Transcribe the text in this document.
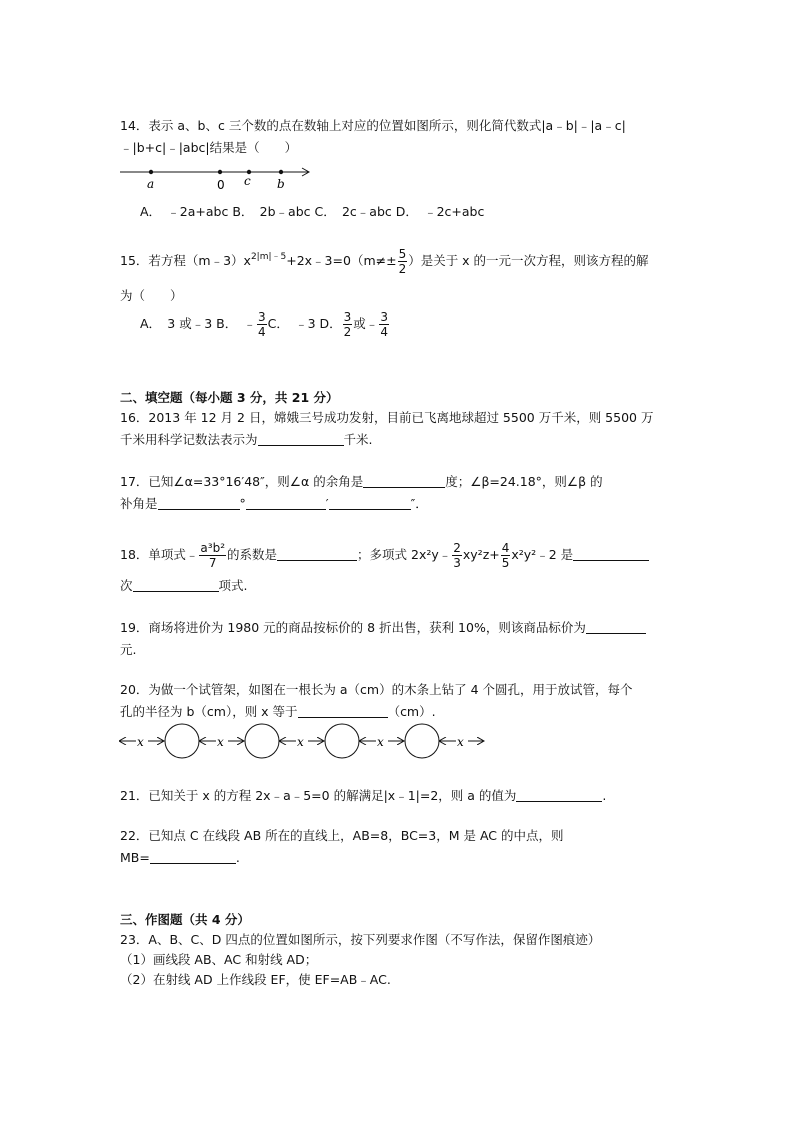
14．表示 a、b、c 三个数的点在数轴上对应的位置如图所示，则化简代数式|a﹣b|﹣|a﹣c|
﹣|b+c|﹣|abc|结果是（　　）
a	0 c b
A．　﹣2a+abc B．　2b﹣abc C．　2c﹣abc D．　﹣2c+abc
15．若方程$(m﹣3)x^{2|m|﹣5}+2x﹣3=0(m\ne\pm \frac{5}{2}$ ）是关于 x 的一元一次方程，则该方程的解
为（　　）
A．　3 或﹣3 B．　﹣ $\frac{3}{4}$ C．　﹣3 D． $\frac{3}{2}$ 或﹣ $\frac{3}{4}$
二、填空题（每小题 3 分，共 21 分）
16．2013 年 12 月 2 日，嫦娥三号成功发射，目前已飞离地球超过 5500 万千米，则 5500 万
千米用科学记数法表示为	千米.
17．已知∠α=33°16′48″，则∠α 的余角是	度；∠β=24.18°，则∠β 的
补角是	°	′	″．
18．单项式﹣ $\frac{\text{a³b²}}{7}$ 的系数是	；多项式 2x²y﹣ $\frac{2}{3} xy^2z+ \frac{4}{5}$ x²y²﹣2 是
次	项式.
19．商场将进价为 1980 元的商品按标价的 8 折出售，获利 10%，则该商品标价为
元.
20．为做一个试管架，如图在一根长为 a（cm）的木条上钻了 4 个圆孔，用于放试管，每个
孔的半径为 b（cm），则 x 等于	（cm）.
x	x	x	x	x
21．已知关于 x 的方程 2x﹣a﹣5=0 的解满足|x﹣1|=2，则 a 的值为	.
22．已知点 C 在线段 AB 所在的直线上，AB=8，BC=3，M 是 AC 的中点，则
MB=	.
三、作图题（共 4 分）
23．A、B、C、D 四点的位置如图所示，按下列要求作图（不写作法，保留作图痕迹）
（1）画线段 AB、AC 和射线 AD；
（2）在射线 AD 上作线段 EF，使 EF=AB﹣AC.
